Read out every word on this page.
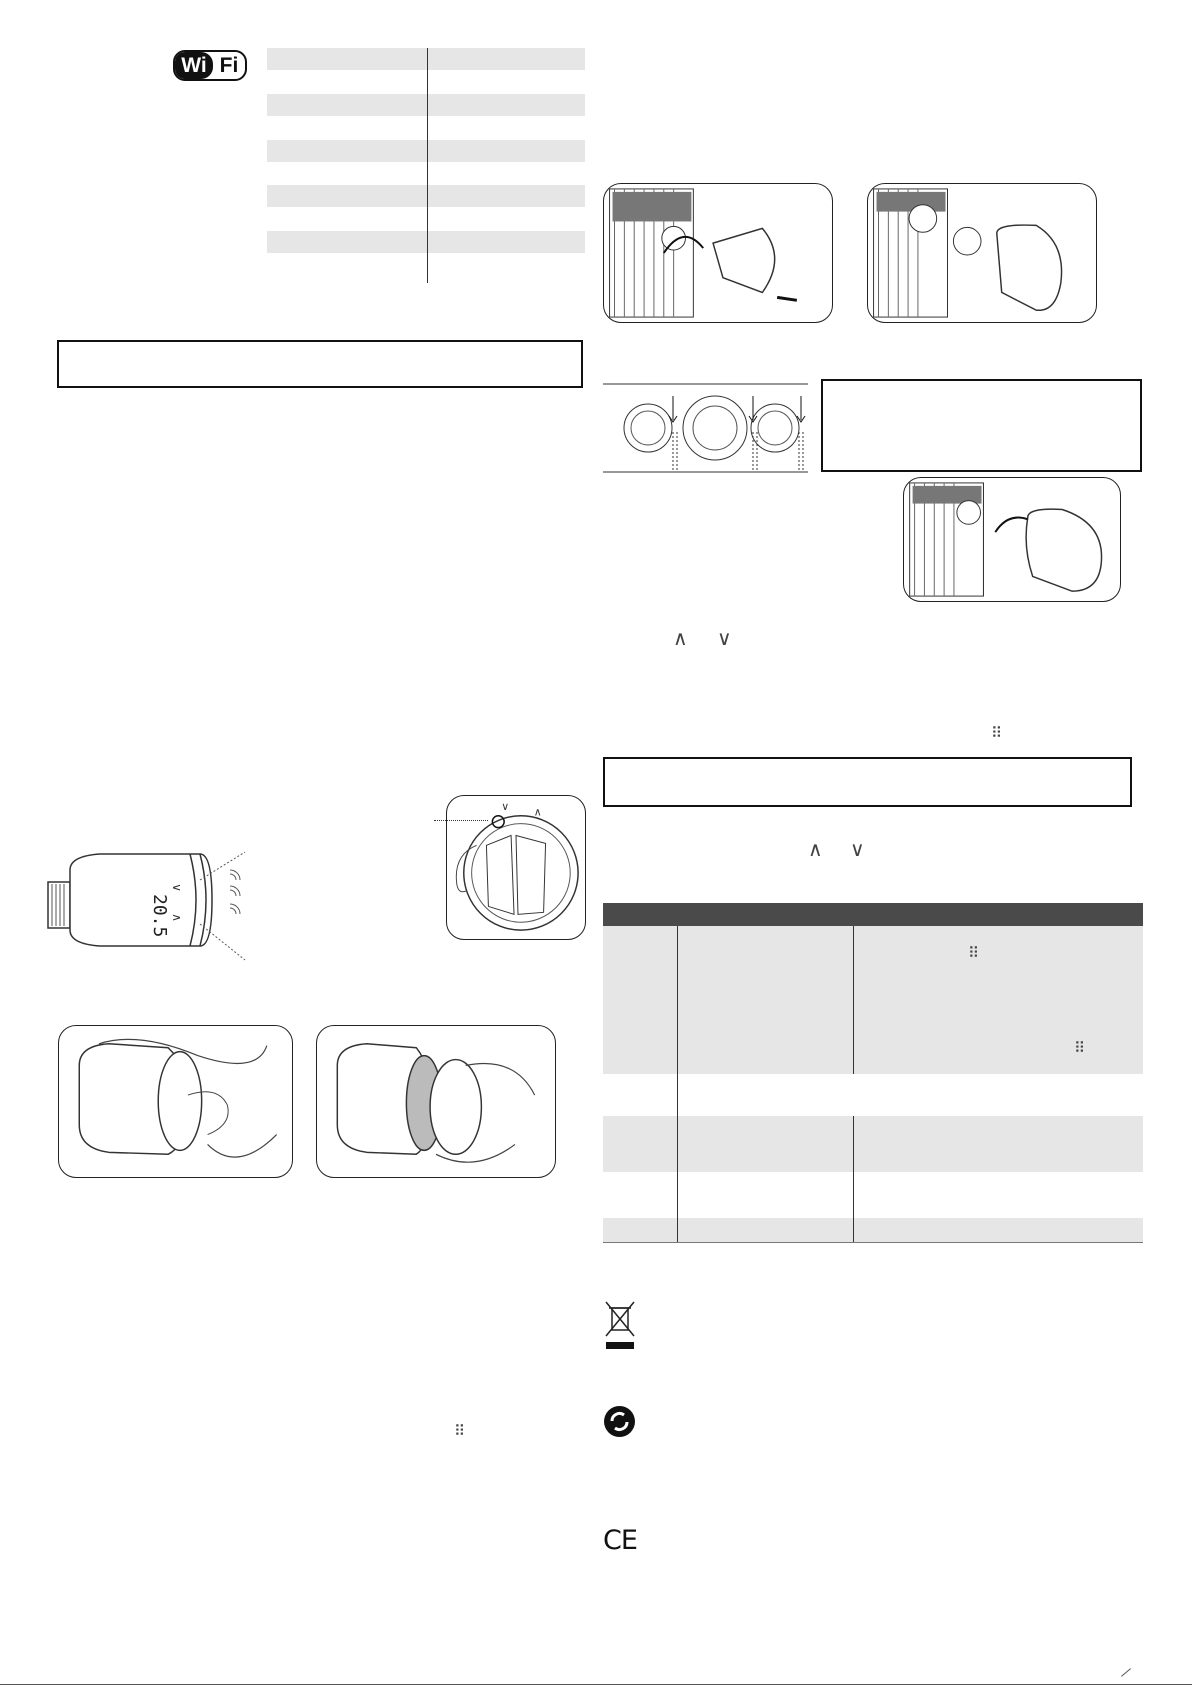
Wi Fi
20.5
∧
∨
∨ ∧
⠿
∧ ∨
⠿
∧ ∨
⠿
⠿
CE
